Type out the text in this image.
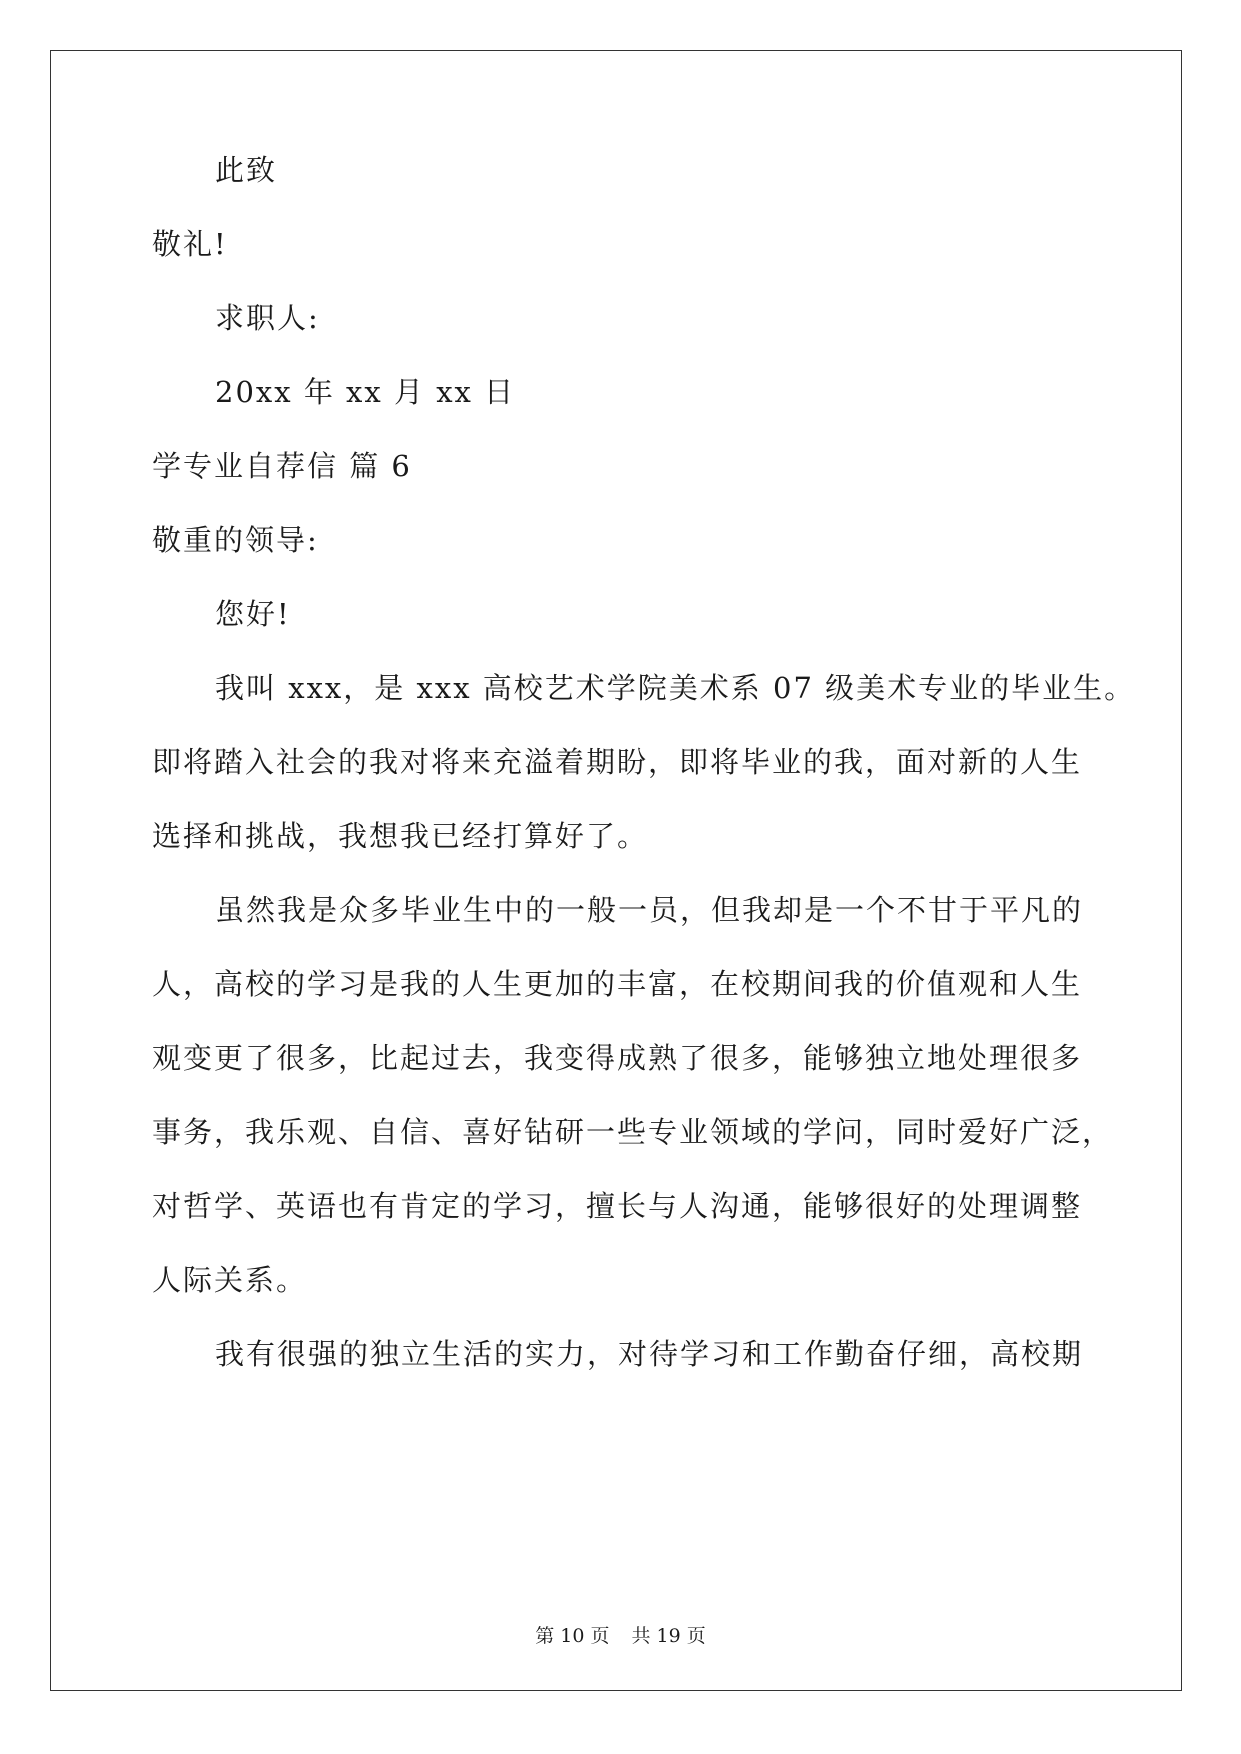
此致
敬礼!
求职人:
20xx 年 xx 月 xx 日
学专业自荐信 篇 6
敬重的领导:
您好!
我叫 xxx，是 xxx 高校艺术学院美术系 07 级美术专业的毕业生。
即将踏入社会的我对将来充溢着期盼，即将毕业的我，面对新的人生
选择和挑战，我想我已经打算好了。
虽然我是众多毕业生中的一般一员，但我却是一个不甘于平凡的
人，高校的学习是我的人生更加的丰富，在校期间我的价值观和人生
观变更了很多，比起过去，我变得成熟了很多，能够独立地处理很多
事务，我乐观、自信、喜好钻研一些专业领域的学问，同时爱好广泛，
对哲学、英语也有肯定的学习，擅长与人沟通，能够很好的处理调整
人际关系。
我有很强的独立生活的实力，对待学习和工作勤奋仔细，高校期
第 10 页 共 19 页
